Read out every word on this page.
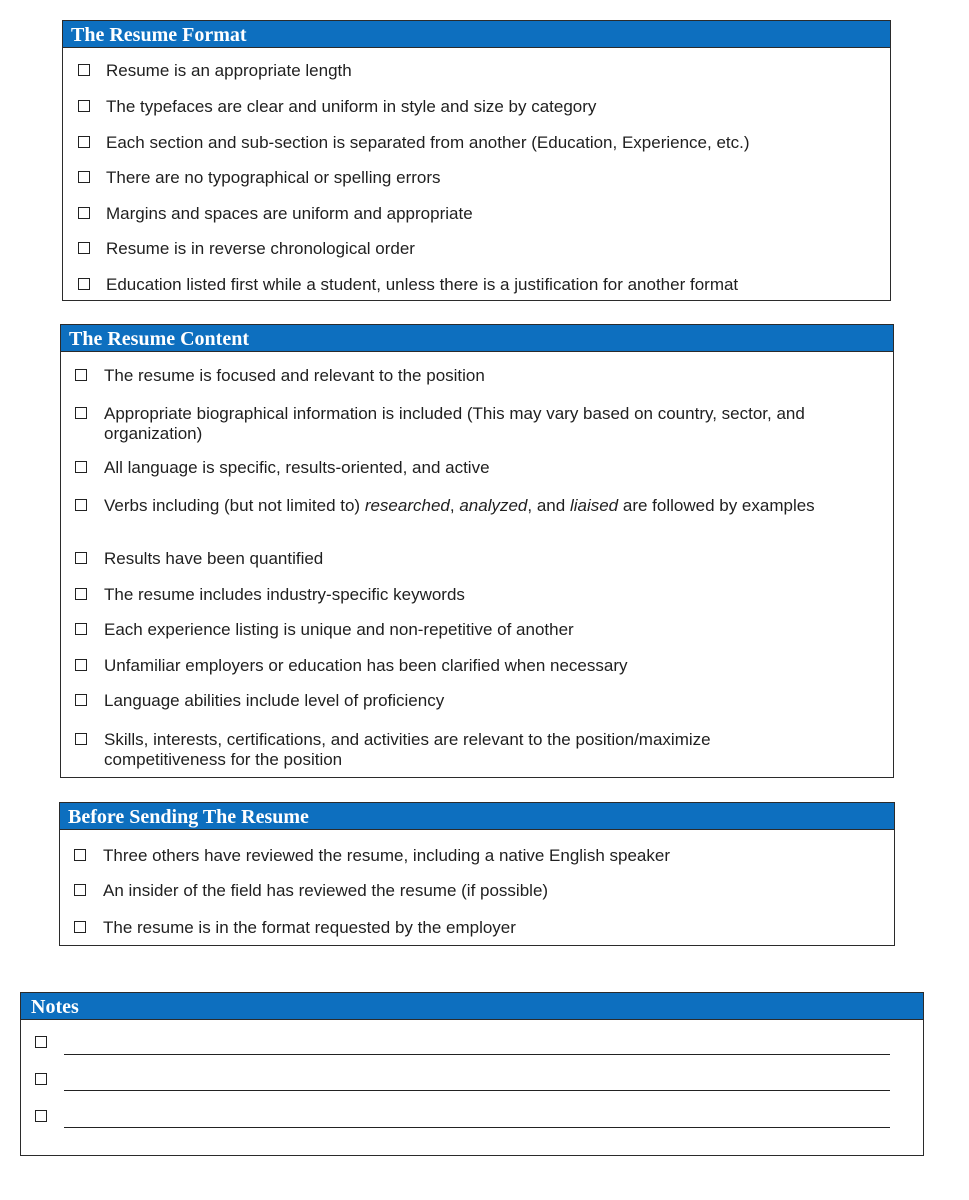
The Resume Format
Resume is an appropriate length
The typefaces are clear and uniform in style and size by category
Each section and sub-section is separated from another (Education, Experience, etc.)
There are no typographical or spelling errors
Margins and spaces are uniform and appropriate
Resume is in reverse chronological order
Education listed first while a student, unless there is a justification for another format
The Resume Content
The resume is focused and relevant to the position
Appropriate biographical information is included (This may vary based on country, sector, and organization)
All language is specific, results-oriented, and active
Verbs including (but not limited to) researched, analyzed, and liaised are followed by examples
Results have been quantified
The resume includes industry-specific keywords
Each experience listing is unique and non-repetitive of another
Unfamiliar employers or education has been clarified when necessary
Language abilities include level of proficiency
Skills, interests, certifications, and activities are relevant to the position/maximize competitiveness for the position
Before Sending The Resume
Three others have reviewed the resume, including a native English speaker
An insider of the field has reviewed the resume (if possible)
The resume is in the format requested by the employer
Notes
